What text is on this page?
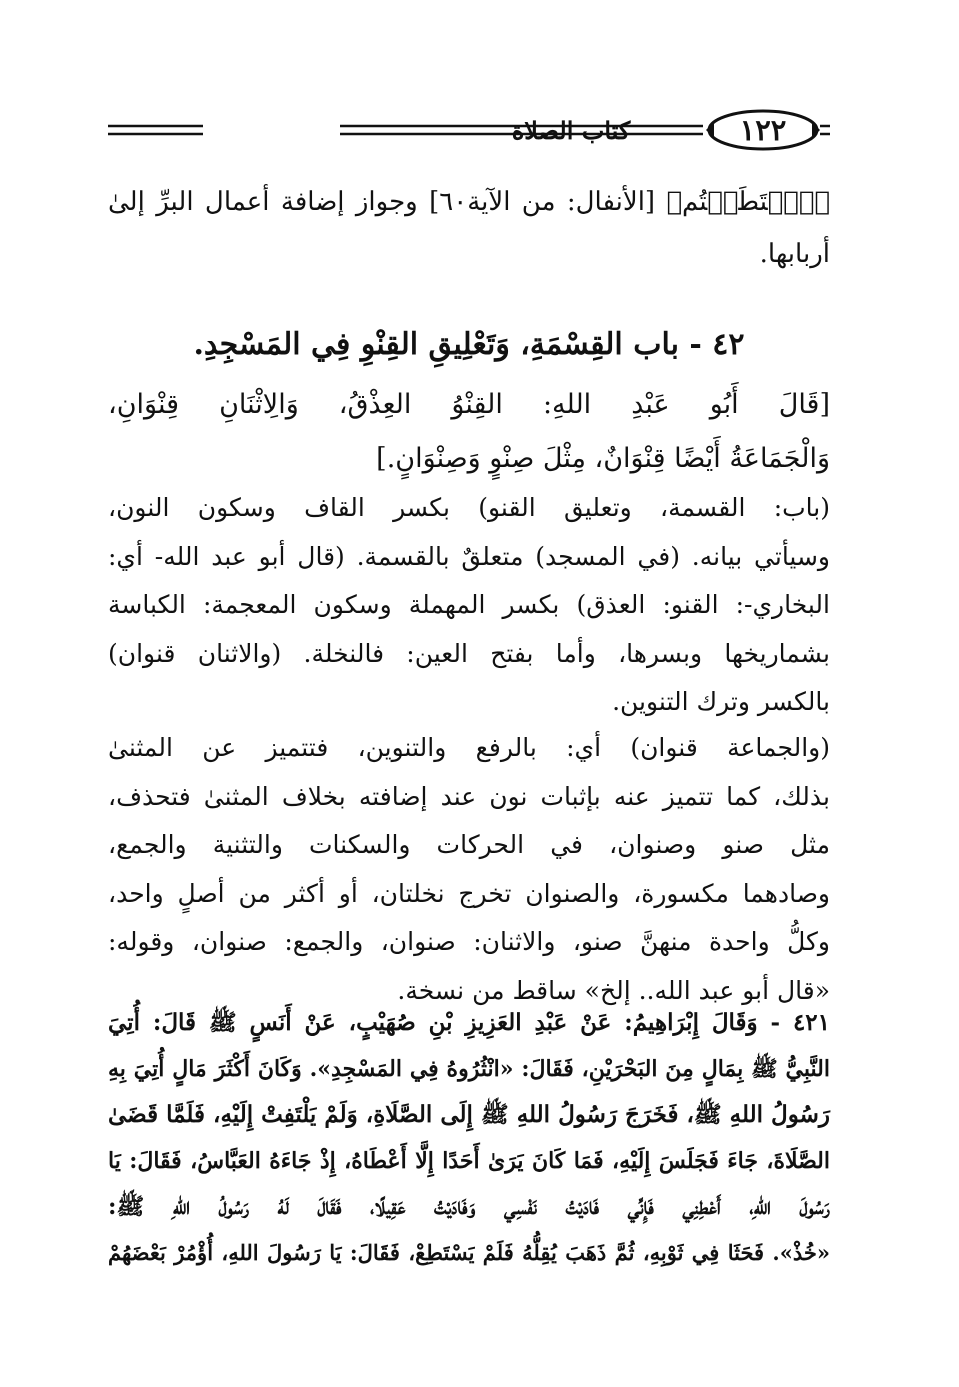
١٢٢
كتاب الصلاة
﴿ٱسۡتَطَعۡتُم﴾ [الأنفال: من الآية٦٠] وجواز إضافة أعمال البرِّ إلىٰ
أربابها.
٤٢ - باب القِسْمَةِ، وَتَعْلِيقِ القِنْوِ فِي المَسْجِدِ.
[قَالَ أَبُو عَبْدِ اللهِ: القِنْوُ العِذْقُ، وَالِاثْنَانِ قِنْوَانِ،
وَالْجَمَاعَةُ أَيْضًا قِنْوَانٌ، مِثْلَ صِنْوٍ وَصِنْوَانٍ.]
(باب: القسمة، وتعليق القنو) بكسر القاف وسكون النون،
وسيأتي بيانه. (في المسجد) متعلقٌ بالقسمة. (قال أبو عبد الله- أي:
البخاري-: القنو: العذق) بكسر المهملة وسكون المعجمة: الكباسة
بشماريخها وبسرها، وأما بفتح العين: فالنخلة. (والاثنان قنوان)
بالكسر وترك التنوين.
(والجماعة قنوان) أي: بالرفع والتنوين، فتتميز عن المثنىٰ
بذلك، كما تتميز عنه بإثبات نون عند إضافته بخلاف المثنىٰ فتحذف،
مثل صنو وصنوان، في الحركات والسكنات والتثنية والجمع،
وصادهما مكسورة، والصنوان تخرج نخلتان، أو أكثر من أصلٍ واحد،
وكلُّ واحدة منهنَّ صنو، والاثنان: صنوان، والجمع: صنوان، وقوله:
«قال أبو عبد الله.. إلخ» ساقط من نسخة.
٤٢١ - وَقَالَ إِبْرَاهِيمُ: عَنْ عَبْدِ العَزِيزِ بْنِ صُهَيْبٍ، عَنْ أَنَسٍ ﷺ قَالَ: أُتِيَ
النَّبِيُّ ﷺ بِمَالٍ مِنَ البَحْرَيْنِ، فَقَالَ: «انْثُرُوهُ فِي المَسْجِدِ». وَكَانَ أَكْثَرَ مَالٍ أُتِيَ بِهِ
رَسُولُ اللهِ ﷺ، فَخَرَجَ رَسُولُ اللهِ ﷺ إِلَى الصَّلَاةِ، وَلَمْ يَلْتَفِتْ إِلَيْهِ، فَلَمَّا قَضَىٰ
الصَّلَاةَ، جَاءَ فَجَلَسَ إِلَيْهِ، فَمَا كَانَ يَرَىٰ أَحَدًا إِلَّا أَعْطَاهُ، إِذْ جَاءَهُ العَبَّاسُ، فَقَالَ: يَا
رَسُولَ اللهِ، أَعْطِنِي فَإِنِّي فَادَيْتُ نَفْسِي وَفَادَيْتُ عَقِيلًا، فَقَالَ لَهُ رَسُولُ اللهِ ﷺ:
«خُذْ». فَحَثَا فِي ثَوْبِهِ، ثُمَّ ذَهَبَ يُقِلُّهُ فَلَمْ يَسْتَطِعْ، فَقَالَ: يَا رَسُولَ اللهِ، أُؤْمُرْ بَعْضَهُمْ
